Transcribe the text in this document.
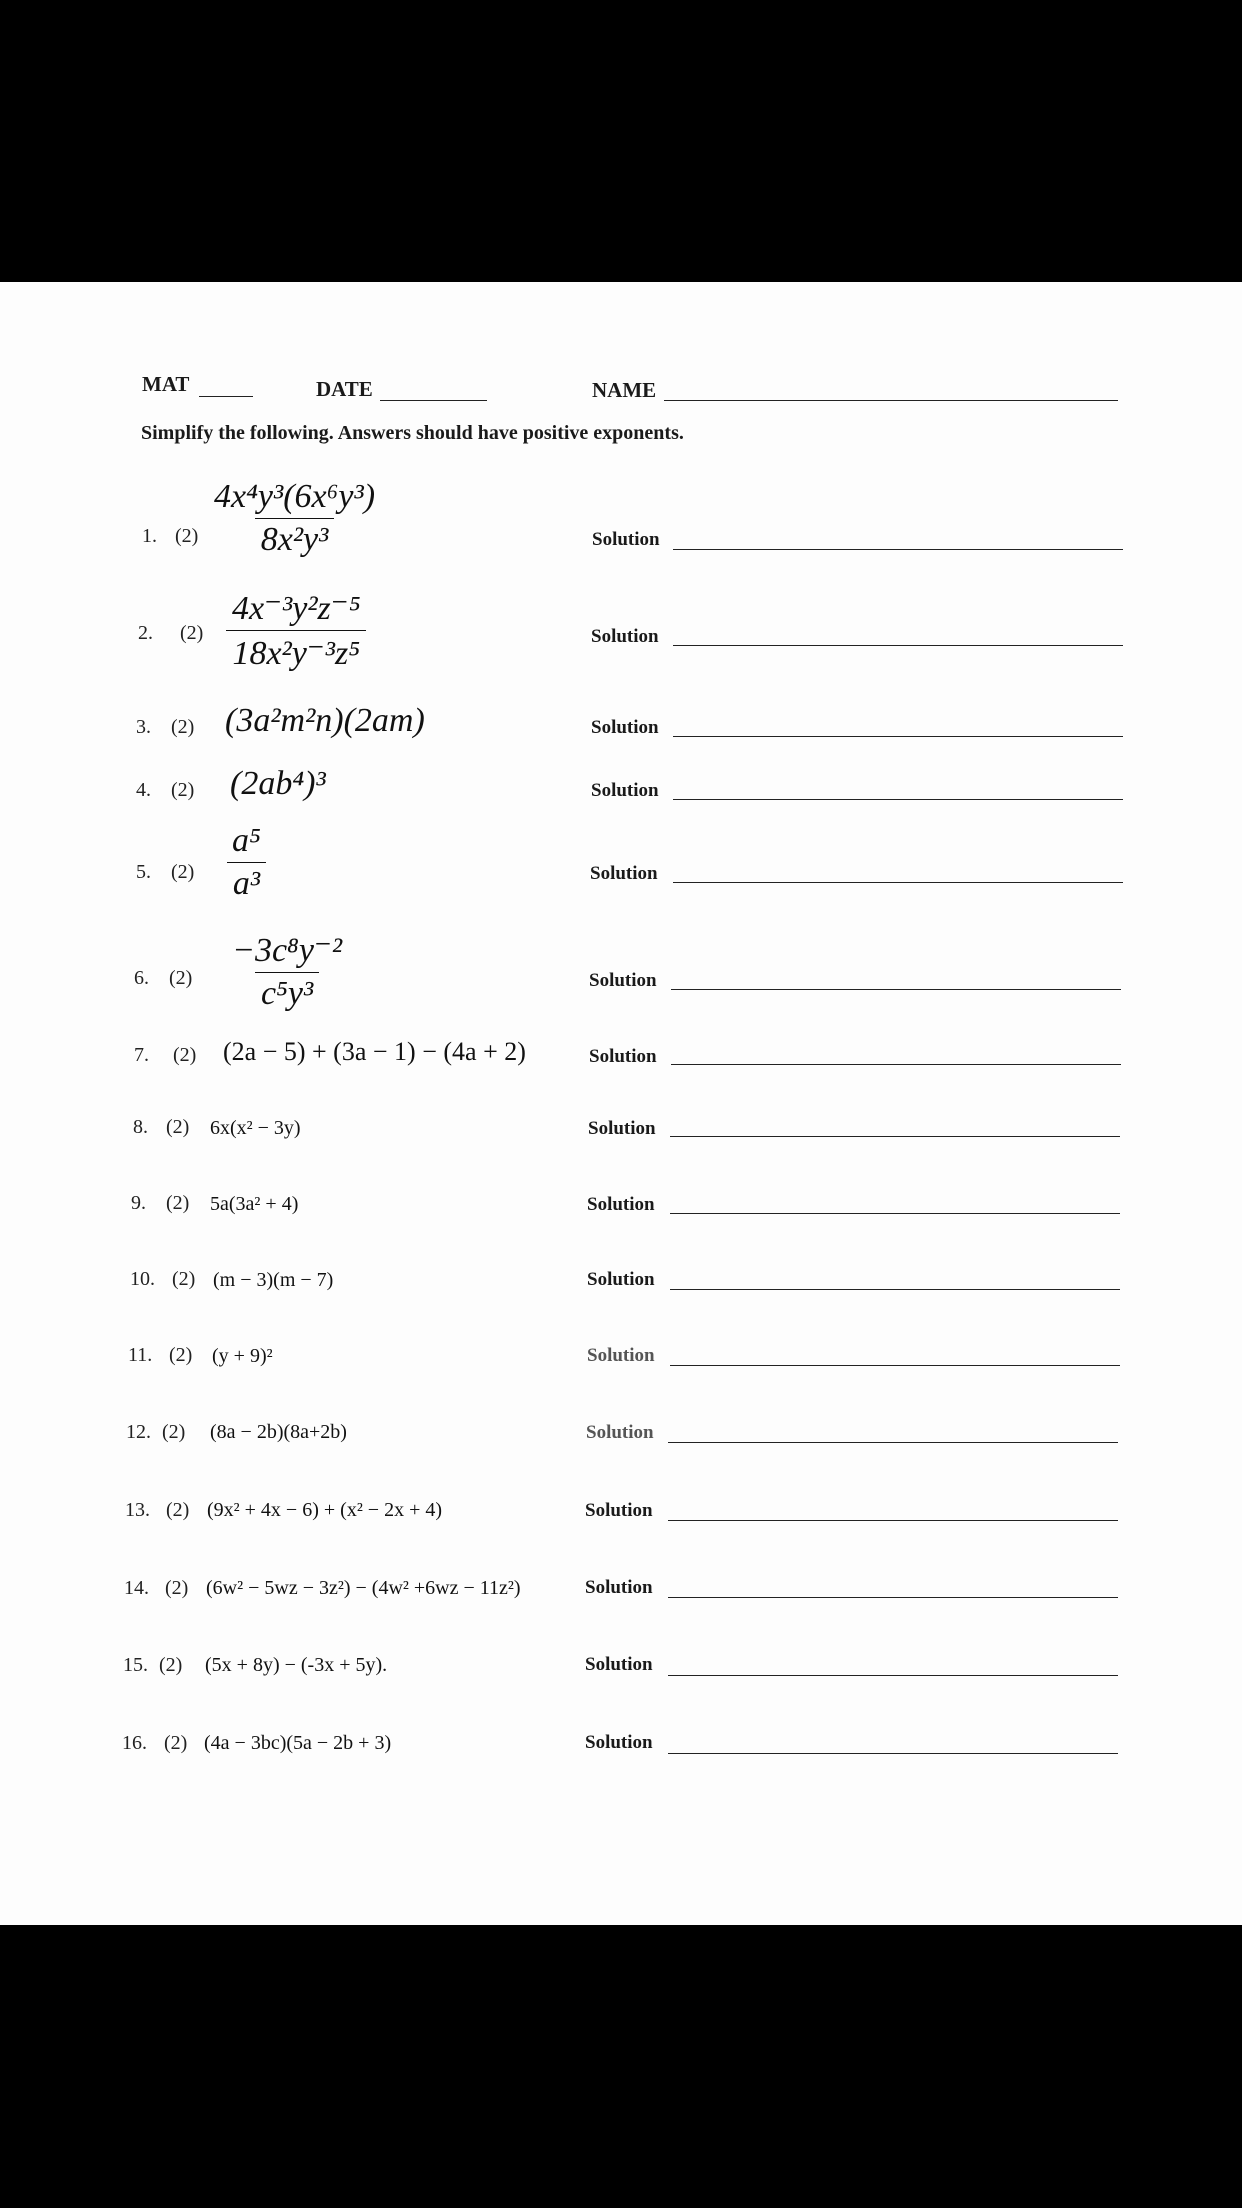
MAT	DATE	NAME
Simplify the following. Answers should have positive exponents.
1. $(2) \frac{\text{4x⁴y³(6x⁶y³)}}{\text{8x²y³}}$	Solution
2. $(2) \frac{\text{4x⁻³y²z⁻⁵}}{\text{18x²y⁻³z⁵}}$	Solution
3. (2) (3a²m²n)(2am)	Solution
4. (2) (2ab⁴)³	Solution
5. $(2) \frac{\text{a⁵}}{\text{a³}}$	Solution
6. $(2) \frac{\text{−3c⁸y⁻²}}{\text{c⁵y³}}$	Solution
7. (2) (2a − 5) + (3a − 1) − (4a + 2)	Solution
8. (2) 6x(x² − 3y)	Solution
9. (2) 5a(3a² + 4)	Solution
10. (2) (m − 3)(m − 7)	Solution
11. (2) (y + 9)²	Solution
12. (2) (8a − 2b)(8a+2b)	Solution
13. (2) (9x² + 4x − 6) + (x² − 2x + 4)	Solution
14. (2) (6w² − 5wz − 3z²) − (4w² +6wz − 11z²)	Solution
15. (2) (5x + 8y) − (-3x + 5y).	Solution
16. (2) (4a − 3bc)(5a − 2b + 3)	Solution
